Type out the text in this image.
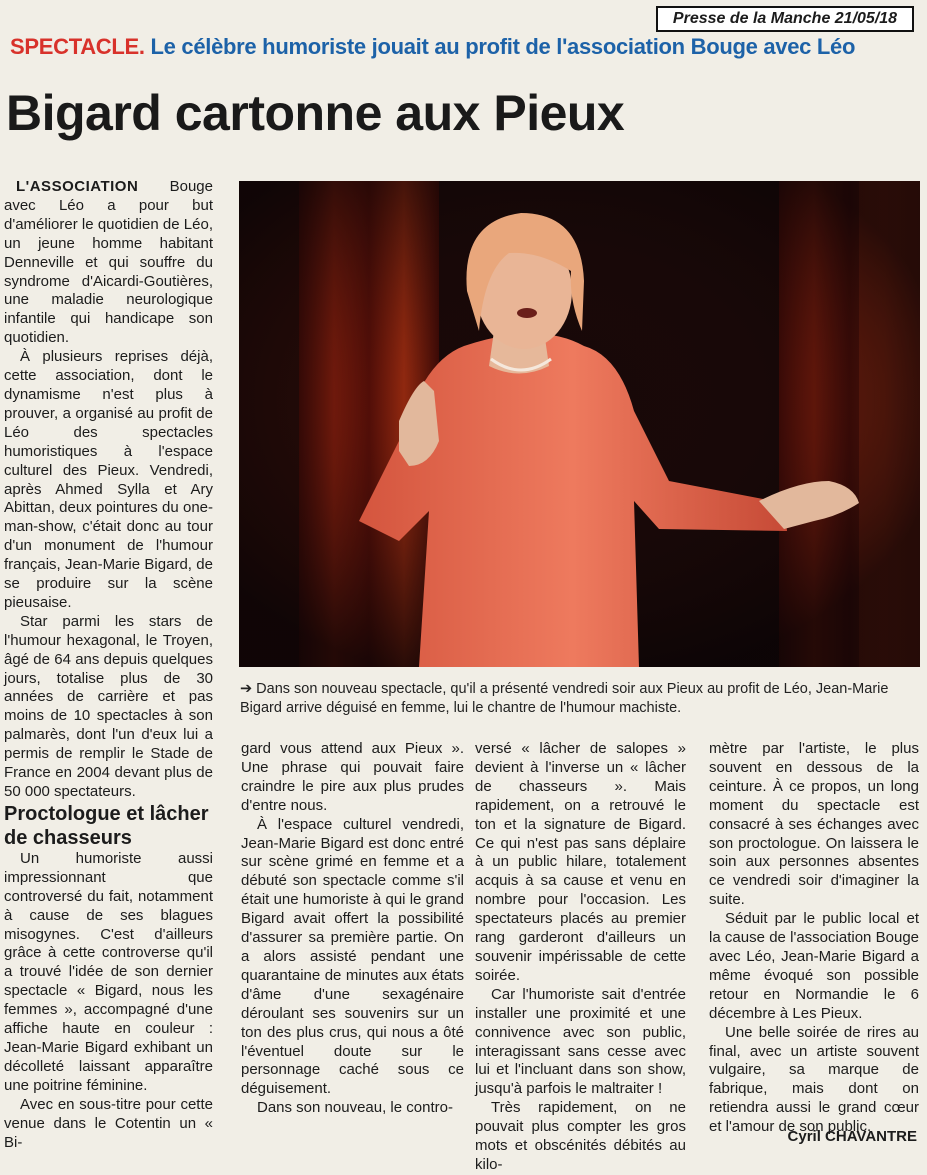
Presse de la Manche 21/05/18
SPECTACLE. Le célèbre humoriste jouait au profit de l'association Bouge avec Léo
Bigard cartonne aux Pieux

L'ASSOCIATION Bouge avec Léo a pour but d'améliorer le quotidien de Léo, un jeune homme habitant Denneville et qui souffre du syndrome d'Aicardi-Goutières, une maladie neurologique infantile qui handicape son quotidien.

À plusieurs reprises déjà, cette association, dont le dynamisme n'est plus à prouver, a organisé au profit de Léo des spectacles humoristiques à l'espace culturel des Pieux. Vendredi, après Ahmed Sylla et Ary Abittan, deux pointures du one-man-show, c'était donc au tour d'un monument de l'humour français, Jean-Marie Bigard, de se produire sur la scène pieusaise.

Star parmi les stars de l'humour hexagonal, le Troyen, âgé de 64 ans depuis quelques jours, totalise plus de 30 années de carrière et pas moins de 10 spectacles à son palmarès, dont l'un d'eux lui a permis de remplir le Stade de France en 2004 devant plus de 50 000 spectateurs.

Proctologue et lâcher de chasseurs

Un humoriste aussi impressionnant que controversé du fait, notamment à cause de ses blagues misogynes. C'est d'ailleurs grâce à cette controverse qu'il a trouvé l'idée de son dernier spectacle « Bigard, nous les femmes », accompagné d'une affiche haute en couleur : Jean-Marie Bigard exhibant un décolleté laissant apparaître une poitrine féminine.

Avec en sous-titre pour cette venue dans le Cotentin un « Bi-

➔ Dans son nouveau spectacle, qu'il a présenté vendredi soir aux Pieux au profit de Léo, Jean-Marie Bigard arrive déguisé en femme, lui le chantre de l'humour machiste.

gard vous attend aux Pieux ». Une phrase qui pouvait faire craindre le pire aux plus prudes d'entre nous.

À l'espace culturel vendredi, Jean-Marie Bigard est donc entré sur scène grimé en femme et a débuté son spectacle comme s'il était une humoriste à qui le grand Bigard avait offert la possibilité d'assurer sa première partie. On a alors assisté pendant une quarantaine de minutes aux états d'âme d'une sexagénaire déroulant ses souvenirs sur un ton des plus crus, qui nous a ôté l'éventuel doute sur le personnage caché sous ce déguisement.

Dans son nouveau, le contro-

versé « lâcher de salopes » devient à l'inverse un « lâcher de chasseurs ». Mais rapidement, on a retrouvé le ton et la signature de Bigard. Ce qui n'est pas sans déplaire à un public hilare, totalement acquis à sa cause et venu en nombre pour l'occasion. Les spectateurs placés au premier rang garderont d'ailleurs un souvenir impérissable de cette soirée.

Car l'humoriste sait d'entrée installer une proximité et une connivence avec son public, interagissant sans cesse avec lui et l'incluant dans son show, jusqu'à parfois le maltraiter !

Très rapidement, on ne pouvait plus compter les gros mots et obscénités débités au kilo-

mètre par l'artiste, le plus souvent en dessous de la ceinture. À ce propos, un long moment du spectacle est consacré à ses échanges avec son proctologue. On laissera le soin aux personnes absentes ce vendredi soir d'imaginer la suite.

Séduit par le public local et la cause de l'association Bouge avec Léo, Jean-Marie Bigard a même évoqué son possible retour en Normandie le 6 décembre à Les Pieux.

Une belle soirée de rires au final, avec un artiste souvent vulgaire, sa marque de fabrique, mais dont on retiendra aussi le grand cœur et l'amour de son public.

Cyril CHAVANTRE
